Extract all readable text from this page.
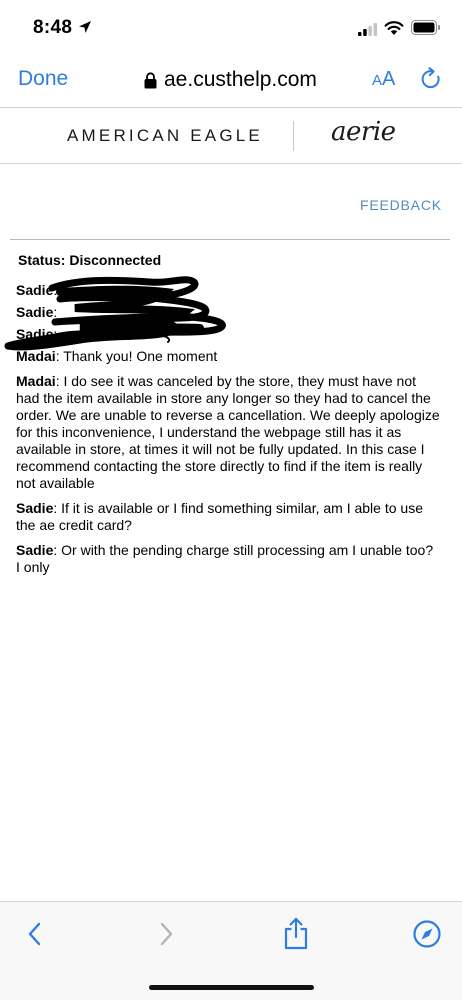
8:48
Done	ae.custhelp.com	AA
AMERICAN EAGLE	aerie
FEEDBACK
Status: Disconnected
Sadie:
Sadie:
Sadie:
Madai: Thank you! One moment
Madai: I do see it was canceled by the store, they must have not had the item available in store any longer so they had to cancel the order. We are unable to reverse a cancellation. We deeply apologize for this inconvenience, I understand the webpage still has it as available in store, at times it will not be fully updated. In this case I recommend contacting the store directly to find if the item is really not available
Sadie: If it is available or I find something similar, am I able to use the ae credit card?
Sadie: Or with the pending charge still processing am I unable too? I only
